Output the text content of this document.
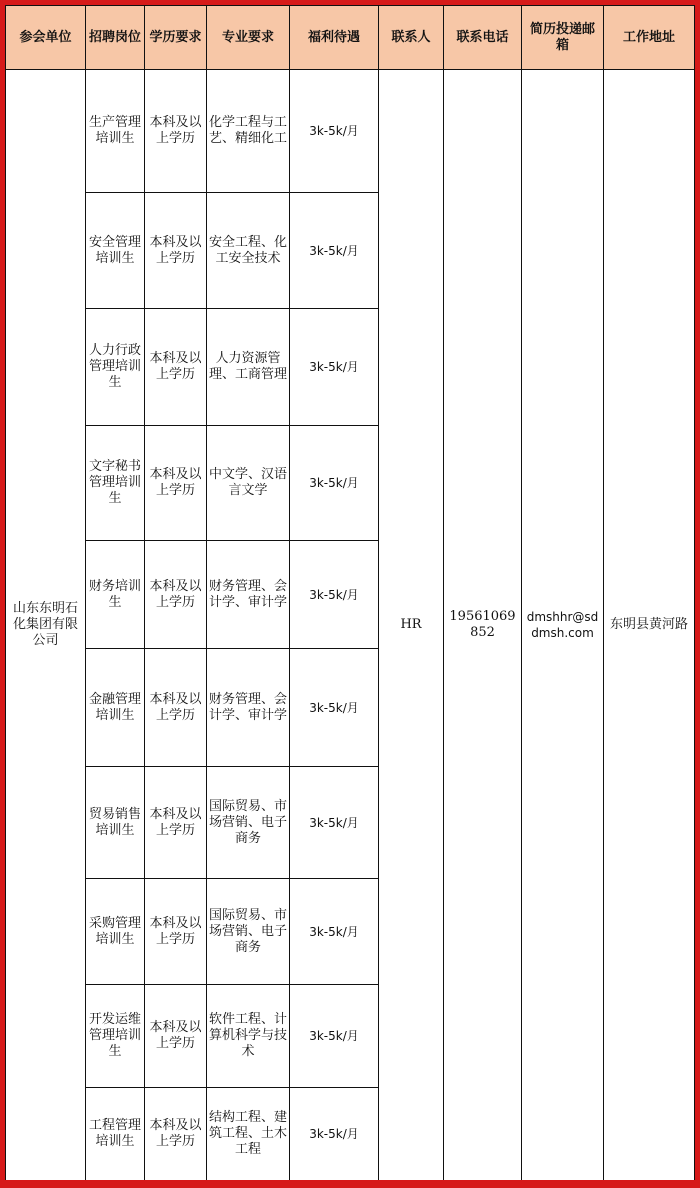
参会单位	招聘岗位	学历要求	专业要求	福利待遇	联系人	联系电话	简历投递邮箱	工作地址
山东东明石化集团有限公司	生产管理培训生	本科及以上学历	化学工程与工艺、精细化工	3k-5k/月	HR	19561069852	dmshhr@sddmsh.com	东明县黄河路
	安全管理培训生	本科及以上学历	安全工程、化工安全技术	3k-5k/月				
	人力行政管理培训生	本科及以上学历	人力资源管理、工商管理	3k-5k/月				
	文字秘书管理培训生	本科及以上学历	中文学、汉语言文学	3k-5k/月				
	财务培训生	本科及以上学历	财务管理、会计学、审计学	3k-5k/月				
	金融管理培训生	本科及以上学历	财务管理、会计学、审计学	3k-5k/月				
	贸易销售培训生	本科及以上学历	国际贸易、市场营销、电子商务	3k-5k/月				
	采购管理培训生	本科及以上学历	国际贸易、市场营销、电子商务	3k-5k/月				
	开发运维管理培训生	本科及以上学历	软件工程、计算机科学与技术	3k-5k/月				
	工程管理培训生	本科及以上学历	结构工程、建筑工程、土木工程	3k-5k/月				
